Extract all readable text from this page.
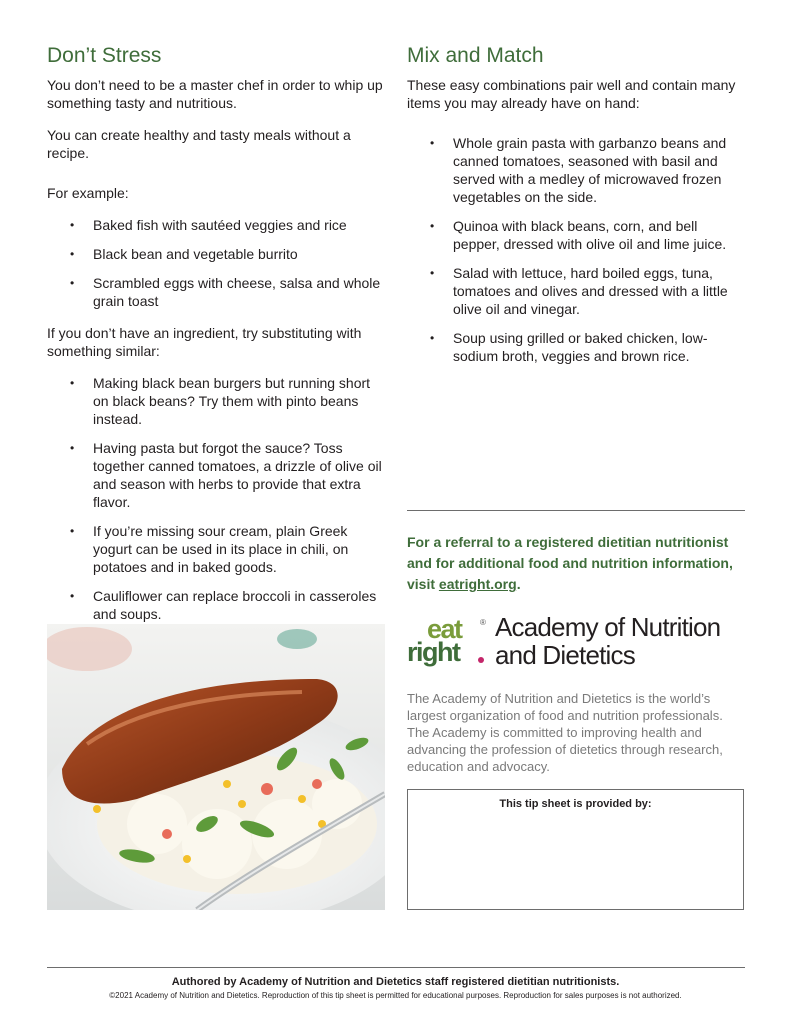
Don’t Stress

You don’t need to be a master chef in order to whip up something tasty and nutritious.

You can create healthy and tasty meals without a recipe.

For example:

• Baked fish with sautéed veggies and rice
• Black bean and vegetable burrito
• Scrambled eggs with cheese, salsa and whole grain toast

If you don’t have an ingredient, try substituting with something similar:

• Making black bean burgers but running short on black beans? Try them with pinto beans instead.
• Having pasta but forgot the sauce? Toss together canned tomatoes, a drizzle of olive oil and season with herbs to provide that extra flavor.
• If you’re missing sour cream, plain Greek yogurt can be used in its place in chili, on potatoes and in baked goods.
• Cauliflower can replace broccoli in casseroles and soups.
Mix and Match

These easy combinations pair well and contain many items you may already have on hand:

• Whole grain pasta with garbanzo beans and canned tomatoes, seasoned with basil and served with a medley of microwaved frozen vegetables on the side.
• Quinoa with black beans, corn, and bell pepper, dressed with olive oil and lime juice.
• Salad with lettuce, hard boiled eggs, tuna, tomatoes and olives and dressed with a little olive oil and vinegar.
• Soup using grilled or baked chicken, low-sodium broth, veggies and brown rice.
For a referral to a registered dietitian nutritionist and for additional food and nutrition information, visit eatright.org.
eat ®
right
Academy of Nutrition
and Dietetics
The Academy of Nutrition and Dietetics is the world’s largest organization of food and nutrition professionals. The Academy is committed to improving health and advancing the profession of dietetics through research, education and advocacy.
This tip sheet is provided by:
Authored by Academy of Nutrition and Dietetics staff registered dietitian nutritionists.
©2021 Academy of Nutrition and Dietetics. Reproduction of this tip sheet is permitted for educational purposes. Reproduction for sales purposes is not authorized.
